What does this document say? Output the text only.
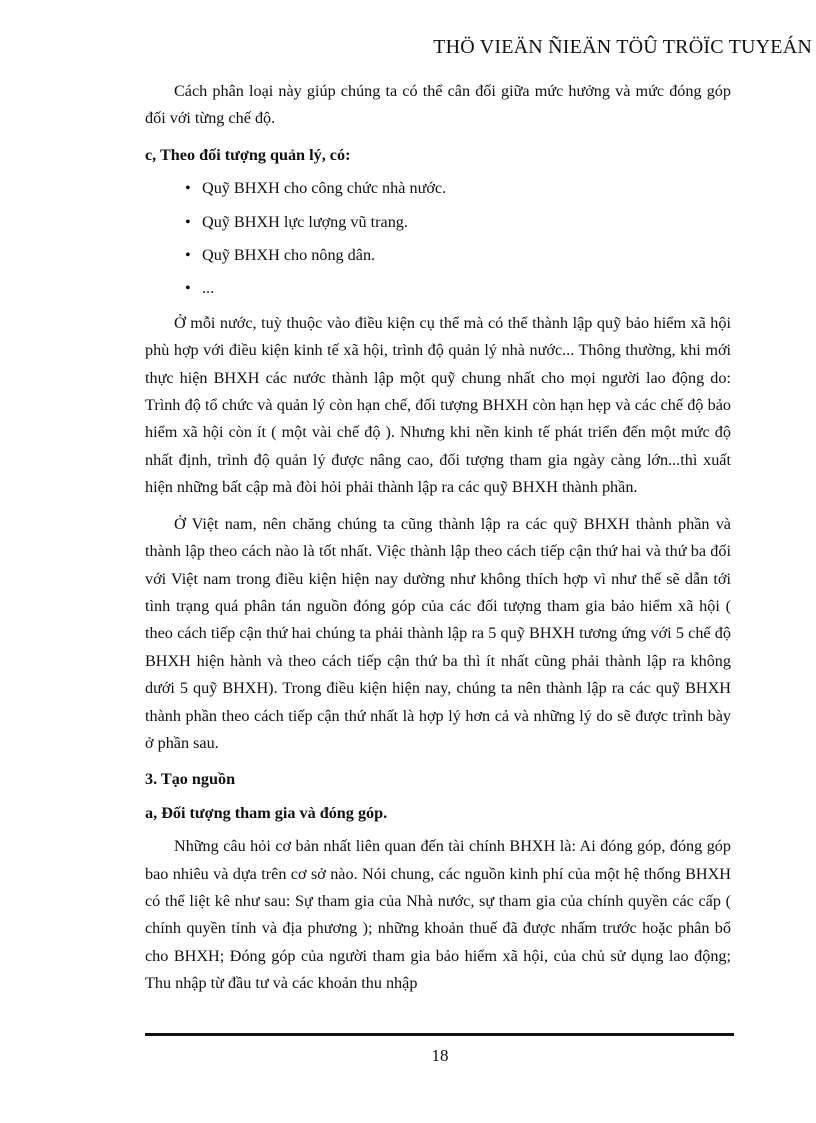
THÖ VIEÄN ÑIEÄN TÖÛ TRÖÏC TUYEÁN

Cách phân loại này giúp chúng ta có thể cân đối giữa mức hưởng và mức đóng góp đối với từng chế độ.

c, Theo đối tượng quản lý, có:

• Quỹ BHXH cho công chức nhà nước.
• Quỹ BHXH lực lượng vũ trang.
• Quỹ BHXH cho nông dân.
• ...

Ở mỗi nước, tuỳ thuộc vào điều kiện cụ thể mà có thể thành lập quỹ bảo hiểm xã hội phù hợp với điều kiện kinh tế xã hội, trình độ quản lý nhà nước... Thông thường, khi mới thực hiện BHXH các nước thành lập một quỹ chung nhất cho mọi người lao động do: Trình độ tổ chức và quản lý còn hạn chế, đối tượng BHXH còn hạn hẹp và các chế độ bảo hiểm xã hội còn ít ( một vài chế độ ). Nhưng khi nền kinh tế phát triển đến một mức độ nhất định, trình độ quản lý được nâng cao, đối tượng tham gia ngày càng lớn...thì xuất hiện những bất cập mà đòi hỏi phải thành lập ra các quỹ BHXH thành phần.

Ở Việt nam, nên chăng chúng ta cũng thành lập ra các quỹ BHXH thành phần và thành lập theo cách nào là tốt nhất. Việc thành lập theo cách tiếp cận thứ hai và thứ ba đối với Việt nam trong điều kiện hiện nay dường như không thích hợp vì như thế sẽ dẫn tới tình trạng quá phân tán nguồn đóng góp của các đối tượng tham gia bảo hiểm xã hội ( theo cách tiếp cận thứ hai chúng ta phải thành lập ra 5 quỹ BHXH tương ứng với 5 chế độ BHXH hiện hành và theo cách tiếp cận thứ ba thì ít nhất cũng phải thành lập ra không dưới 5 quỹ BHXH). Trong điều kiện hiện nay, chúng ta nên thành lập ra các quỹ BHXH thành phần theo cách tiếp cận thứ nhất là hợp lý hơn cả và những lý do sẽ được trình bày ở phần sau.

3. Tạo nguồn

a, Đối tượng tham gia và đóng góp.

Những câu hỏi cơ bản nhất liên quan đến tài chính BHXH là: Ai đóng góp, đóng góp bao nhiêu và dựa trên cơ sở nào. Nói chung, các nguồn kinh phí của một hệ thống BHXH có thể liệt kê như sau: Sự tham gia của Nhà nước, sự tham gia của chính quyền các cấp ( chính quyền tỉnh và địa phương ); những khoản thuế đã được nhấm trước hoặc phân bổ cho BHXH; Đóng góp của người tham gia bảo hiểm xã hội, của chủ sử dụng lao động; Thu nhập từ đầu tư và các khoản thu nhập

18
